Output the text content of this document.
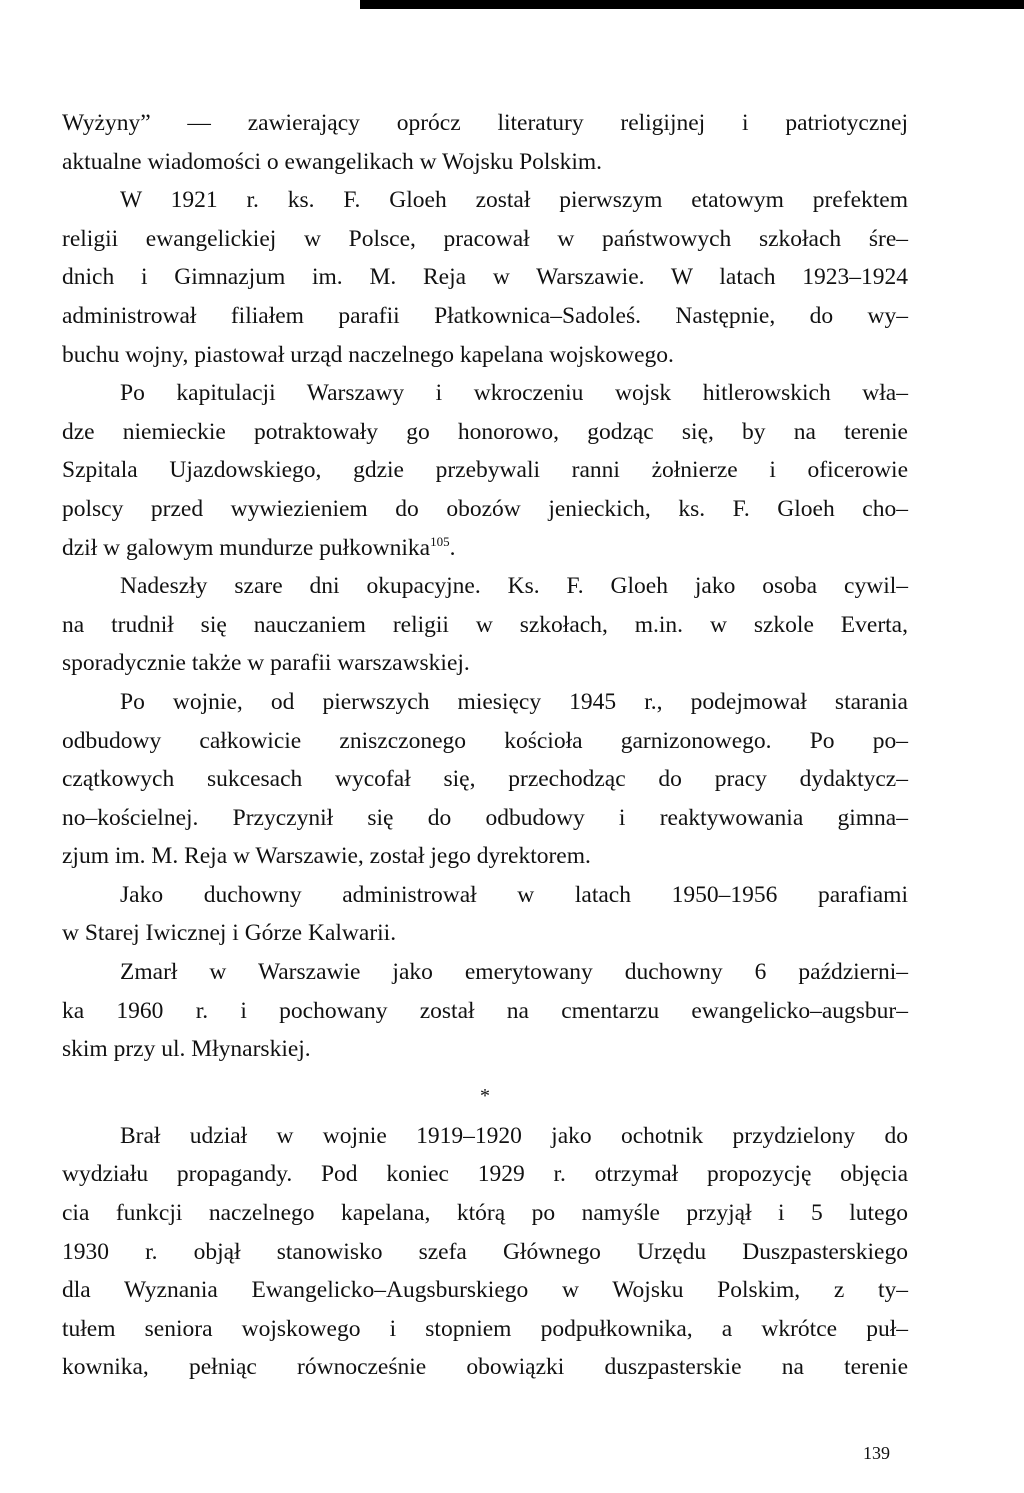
Wyżyny” — zawierający oprócz literatury religijnej i patriotycznej
aktualne wiadomości o ewangelikach w Wojsku Polskim.
W 1921 r. ks. F. Gloeh został pierwszym etatowym prefektem
religii ewangelickiej w Polsce, pracował w państwowych szkołach śre–
dnich i Gimnazjum im. M. Reja w Warszawie. W latach 1923–1924
administrował filiałem parafii Płatkownica–Sadoleś. Następnie, do wy–
buchu wojny, piastował urząd naczelnego kapelana wojskowego.
Po kapitulacji Warszawy i wkroczeniu wojsk hitlerowskich wła–
dze niemieckie potraktowały go honorowo, godząc się, by na terenie
Szpitala Ujazdowskiego, gdzie przebywali ranni żołnierze i oficerowie
polscy przed wywiezieniem do obozów jenieckich, ks. F. Gloeh cho–
dził w galowym mundurze pułkownika$^{105}$.
Nadeszły szare dni okupacyjne. Ks. F. Gloeh jako osoba cywil–
na trudnił się nauczaniem religii w szkołach, m.in. w szkole Everta,
sporadycznie także w parafii warszawskiej.
Po wojnie, od pierwszych miesięcy 1945 r., podejmował starania
odbudowy całkowicie zniszczonego kościoła garnizonowego. Po po–
czątkowych sukcesach wycofał się, przechodząc do pracy dydaktycz–
no–kościelnej. Przyczynił się do odbudowy i reaktywowania gimna–
zjum im. M. Reja w Warszawie, został jego dyrektorem.
Jako duchowny administrował w latach 1950–1956 parafiami
w Starej Iwicznej i Górze Kalwarii.
Zmarł w Warszawie jako emerytowany duchowny 6 październi–
ka 1960 r. i pochowany został na cmentarzu ewangelicko–augsbur–
skim przy ul. Młynarskiej.
*
Brał udział w wojnie 1919–1920 jako ochotnik przydzielony do
wydziału propagandy. Pod koniec 1929 r. otrzymał propozycję objęcia
cia funkcji naczelnego kapelana, którą po namyśle przyjął i 5 lutego
1930 r. objął stanowisko szefa Głównego Urzędu Duszpasterskiego
dla Wyznania Ewangelicko–Augsburskiego w Wojsku Polskim, z ty–
tułem seniora wojskowego i stopniem podpułkownika, a wkrótce puł–
kownika, pełniąc równocześnie obowiązki duszpasterskie na terenie
139
